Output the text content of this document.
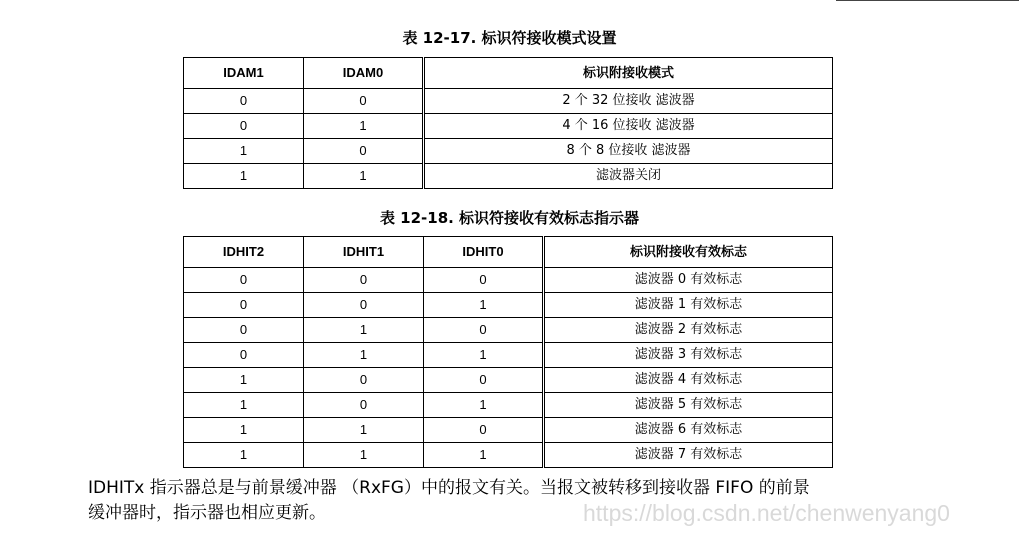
表 12-17. 标识符接收模式设置
IDAM1	IDAM0	标识附接收模式
0	0	2 个 32 位接收 滤波器
0	1	4 个 16 位接收 滤波器
1	0	8 个 8 位接收 滤波器
1	1	滤波器关闭
表 12-18. 标识符接收有效标志指示器
IDHIT2	IDHIT1	IDHIT0	标识附接收有效标志
0	0	0	滤波器 0 有效标志
0	0	1	滤波器 1 有效标志
0	1	0	滤波器 2 有效标志
0	1	1	滤波器 3 有效标志
1	0	0	滤波器 4 有效标志
1	0	1	滤波器 5 有效标志
1	1	0	滤波器 6 有效标志
1	1	1	滤波器 7 有效标志
IDHITx 指示器总是与前景缓冲器 （RxFG）中的报文有关。当报文被转移到接收器 FIFO 的前景
缓冲器时，指示器也相应更新。	https://blog.csdn.net/chenwenyang0
